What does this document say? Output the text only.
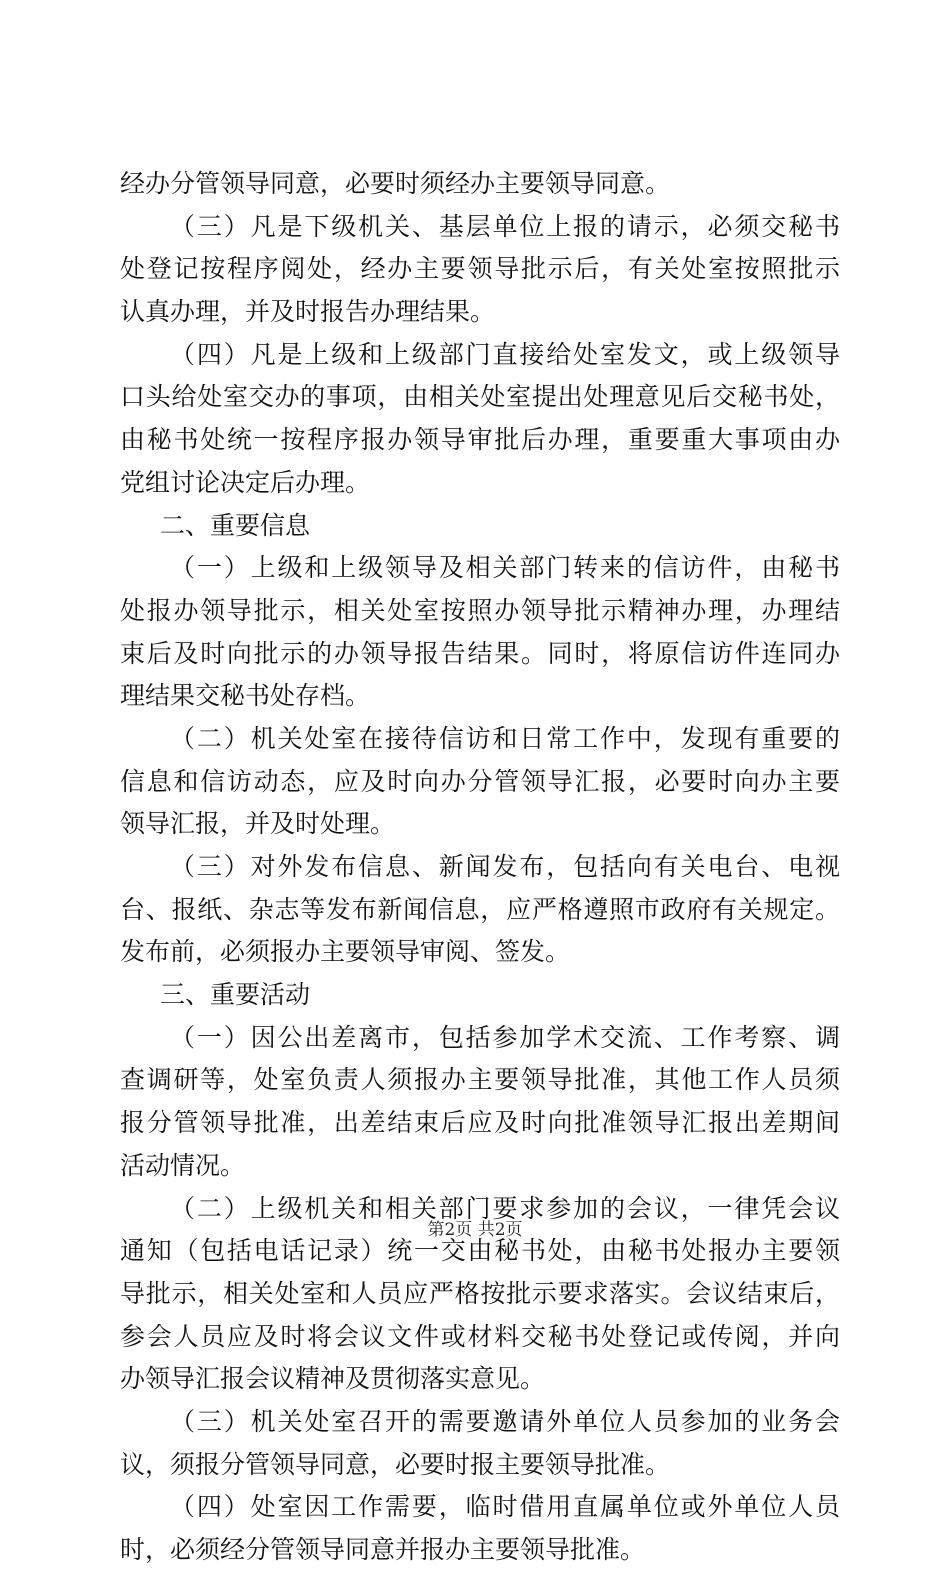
经办分管领导同意，必要时须经办主要领导同意。
（三）凡是下级机关、基层单位上报的请示，必须交秘书
处登记按程序阅处，经办主要领导批示后，有关处室按照批示
认真办理，并及时报告办理结果。
（四）凡是上级和上级部门直接给处室发文，或上级领导
口头给处室交办的事项，由相关处室提出处理意见后交秘书处，
由秘书处统一按程序报办领导审批后办理，重要重大事项由办
党组讨论决定后办理。
二、重要信息
（一）上级和上级领导及相关部门转来的信访件，由秘书
处报办领导批示，相关处室按照办领导批示精神办理，办理结
束后及时向批示的办领导报告结果。同时，将原信访件连同办
理结果交秘书处存档。
（二）机关处室在接待信访和日常工作中，发现有重要的
信息和信访动态，应及时向办分管领导汇报，必要时向办主要
领导汇报，并及时处理。
（三）对外发布信息、新闻发布，包括向有关电台、电视
台、报纸、杂志等发布新闻信息，应严格遵照市政府有关规定。
发布前，必须报办主要领导审阅、签发。
三、重要活动
（一）因公出差离市，包括参加学术交流、工作考察、调
查调研等，处室负责人须报办主要领导批准，其他工作人员须
报分管领导批准，出差结束后应及时向批准领导汇报出差期间
活动情况。
（二）上级机关和相关部门要求参加的会议，一律凭会议
通知（包括电话记录）统一交由秘书处，由秘书处报办主要领
导批示，相关处室和人员应严格按批示要求落实。会议结束后，
参会人员应及时将会议文件或材料交秘书处登记或传阅，并向
办领导汇报会议精神及贯彻落实意见。
（三）机关处室召开的需要邀请外单位人员参加的业务会
议，须报分管领导同意，必要时报主要领导批准。
（四）处室因工作需要，临时借用直属单位或外单位人员
时，必须经分管领导同意并报办主要领导批准。
第2页 共2页
